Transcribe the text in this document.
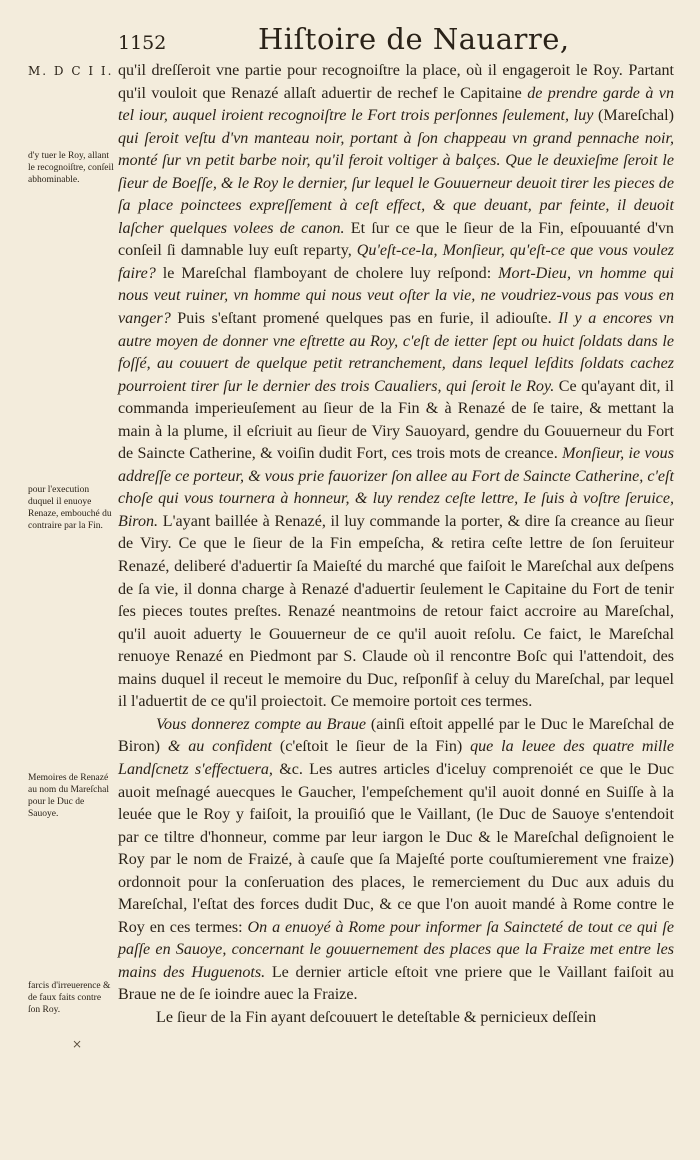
1152	Hiſtoire de Nauarre,
M. D C I I.
d'y tuer le Roy, allant le recognoiſtre, conſeil abhominable.
pour l'execution duquel il enuoye Renaze, embouché du contraire par la Fin.
Memoires de Renazé au nom du Mareſchal pour le Duc de Sauoye.
farcis d'irreuerence & de faux faits contre ſon Roy.
×

qu'il dreſſeroit vne partie pour recognoiſtre la place, où il engageroit le Roy. Partant qu'il vouloit que Renazé allaſt aduertir de rechef le Capitaine de prendre garde à vn tel iour, auquel iroient recognoiſtre le Fort trois perſonnes ſeulement, luy (Mareſchal) qui ſeroit veſtu d'vn manteau noir, portant à ſon chappeau vn grand pennache noir, monté ſur vn petit barbe noir, qu'il feroit voltiger à balçes. Que le deuxieſme ſeroit le ſieur de Boeſſe, & le Roy le dernier, ſur lequel le Gouuerneur deuoit tirer les pieces de ſa place poinctees expreſſement à ceſt effect, & que deuant, par feinte, il deuoit laſcher quelques volees de canon. Et ſur ce que le ſieur de la Fin, eſpouuanté d'vn conſeil ſi damnable luy euſt reparty, Qu'eſt-ce-la, Monſieur, qu'eſt-ce que vous voulez faire? le Mareſchal flamboyant de cholere luy reſpond: Mort-Dieu, vn homme qui nous veut ruiner, vn homme qui nous veut oſter la vie, ne voudriez-vous pas vous en vanger? Puis s'eſtant promené quelques pas en furie, il adiouſte. Il y a encores vn autre moyen de donner vne eſtrette au Roy, c'eſt de ietter ſept ou huict ſoldats dans le foſſé, au couuert de quelque petit retranchement, dans lequel leſdits ſoldats cachez pourroient tirer ſur le dernier des trois Caualiers, qui ſeroit le Roy. Ce qu'ayant dit, il commanda imperieuſement au ſieur de la Fin & à Renazé de ſe taire, & mettant la main à la plume, il eſcriuit au ſieur de Viry Sauoyard, gendre du Gouuerneur du Fort de Saincte Catherine, & voiſin dudit Fort, ces trois mots de creance. Monſieur, ie vous addreſſe ce porteur, & vous prie fauorizer ſon allee au Fort de Saincte Catherine, c'eſt choſe qui vous tournera à honneur, & luy rendez ceſte lettre, Ie ſuis à voſtre ſeruice, Biron. L'ayant baillée à Renazé, il luy commande la porter, & dire ſa creance au ſieur de Viry. Ce que le ſieur de la Fin empeſcha, & retira ceſte lettre de ſon ſeruiteur Renazé, deliberé d'aduertir ſa Maieſté du marché que faiſoit le Mareſchal aux deſpens de ſa vie, il donna charge à Renazé d'aduertir ſeulement le Capitaine du Fort de tenir ſes pieces toutes preſtes. Renazé neantmoins de retour faict accroire au Mareſchal, qu'il auoit aduerty le Gouuerneur de ce qu'il auoit reſolu. Ce faict, le Mareſchal renuoye Renazé en Piedmont par S. Claude où il rencontre Boſc qui l'attendoit, des mains duquel il receut le memoire du Duc, reſponſif à celuy du Mareſchal, par lequel il l'aduertit de ce qu'il proiectoit. Ce memoire portoit ces termes.

Vous donnerez compte au Braue (ainſi eſtoit appellé par le Duc le Mareſchal de Biron) & au confident (c'eſtoit le ſieur de la Fin) que la leuee des quatre mille Landſcnetz s'effectuera, &c. Les autres articles d'iceluy comprenoiét ce que le Duc auoit meſnagé auecques le Gaucher, l'empeſchement qu'il auoit donné en Suiſſe à la leuée que le Roy y faiſoit, la prouiſió que le Vaillant, (le Duc de Sauoye s'entendoit par ce tiltre d'honneur, comme par leur iargon le Duc & le Mareſchal deſignoient le Roy par le nom de Fraizé, à cauſe que ſa Majeſté porte couſtumierement vne fraize) ordonnoit pour la conſeruation des places, le remerciement du Duc aux aduis du Mareſchal, l'eſtat des forces dudit Duc, & ce que l'on auoit mandé à Rome contre le Roy en ces termes: On a enuoyé à Rome pour informer ſa Saincteté de tout ce qui ſe paſſe en Sauoye, concernant le gouuernement des places que la Fraize met entre les mains des Huguenots. Le dernier article eſtoit vne priere que le Vaillant faiſoit au Braue ne de ſe ioindre auec la Fraize.

Le ſieur de la Fin ayant deſcouuert le deteſtable & pernicieux deſſein
